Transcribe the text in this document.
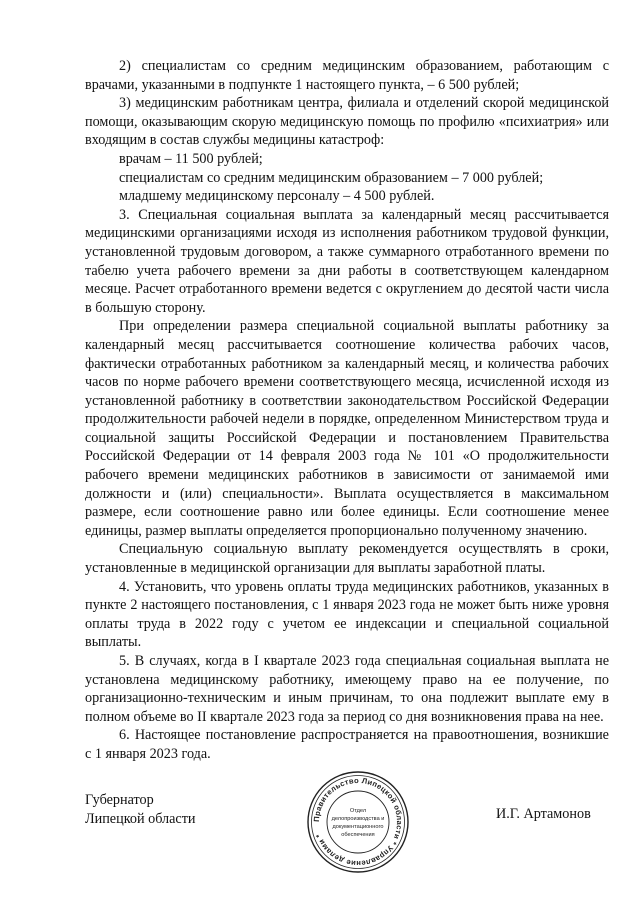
2) специалистам со средним медицинским образованием, работающим с врачами, указанными в подпункте 1 настоящего пункта, – 6 500 рублей;

3) медицинским работникам центра, филиала и отделений скорой медицинской помощи, оказывающим скорую медицинскую помощь по профилю «психиатрия» или входящим в состав службы медицины катастроф:

врачам – 11 500 рублей;

специалистам со средним медицинским образованием – 7 000 рублей;

младшему медицинскому персоналу – 4 500 рублей.

3. Специальная социальная выплата за календарный месяц рассчитывается медицинскими организациями исходя из исполнения работником трудовой функции, установленной трудовым договором, а также суммарного отработанного времени по табелю учета рабочего времени за дни работы в соответствующем календарном месяце. Расчет отработанного времени ведется с округлением до десятой части числа в большую сторону.

При определении размера специальной социальной выплаты работнику за календарный месяц рассчитывается соотношение количества рабочих часов, фактически отработанных работником за календарный месяц, и количества рабочих часов по норме рабочего времени соответствующего месяца, исчисленной исходя из установленной работнику в соответствии законодательством Российской Федерации продолжительности рабочей недели в порядке, определенном Министерством труда и социальной защиты Российской Федерации и постановлением Правительства Российской Федерации от 14 февраля 2003 года № 101 «О продолжительности рабочего времени медицинских работников в зависимости от занимаемой ими должности и (или) специальности». Выплата осуществляется в максимальном размере, если соотношение равно или более единицы. Если соотношение менее единицы, размер выплаты определяется пропорционально полученному значению.

Специальную социальную выплату рекомендуется осуществлять в сроки, установленные в медицинской организации для выплаты заработной платы.

4. Установить, что уровень оплаты труда медицинских работников, указанных в пункте 2 настоящего постановления, с 1 января 2023 года не может быть ниже уровня оплаты труда в 2022 году с учетом ее индексации и специальной социальной выплаты.

5. В случаях, когда в I квартале 2023 года специальная социальная выплата не установлена медицинскому работнику, имеющему право на ее получение, по организационно-техническим и иным причинам, то она подлежит выплате ему в полном объеме во II квартале 2023 года за период со дня возникновения права на нее.

6. Настоящее постановление распространяется на правоотношения, возникшие с 1 января 2023 года.

Губернатор
Липецкой области	Правительство Липецкой области * Управление делами *
Отдел
делопроизводства и
документационного
обеспечения
И.Г. Артамонов
